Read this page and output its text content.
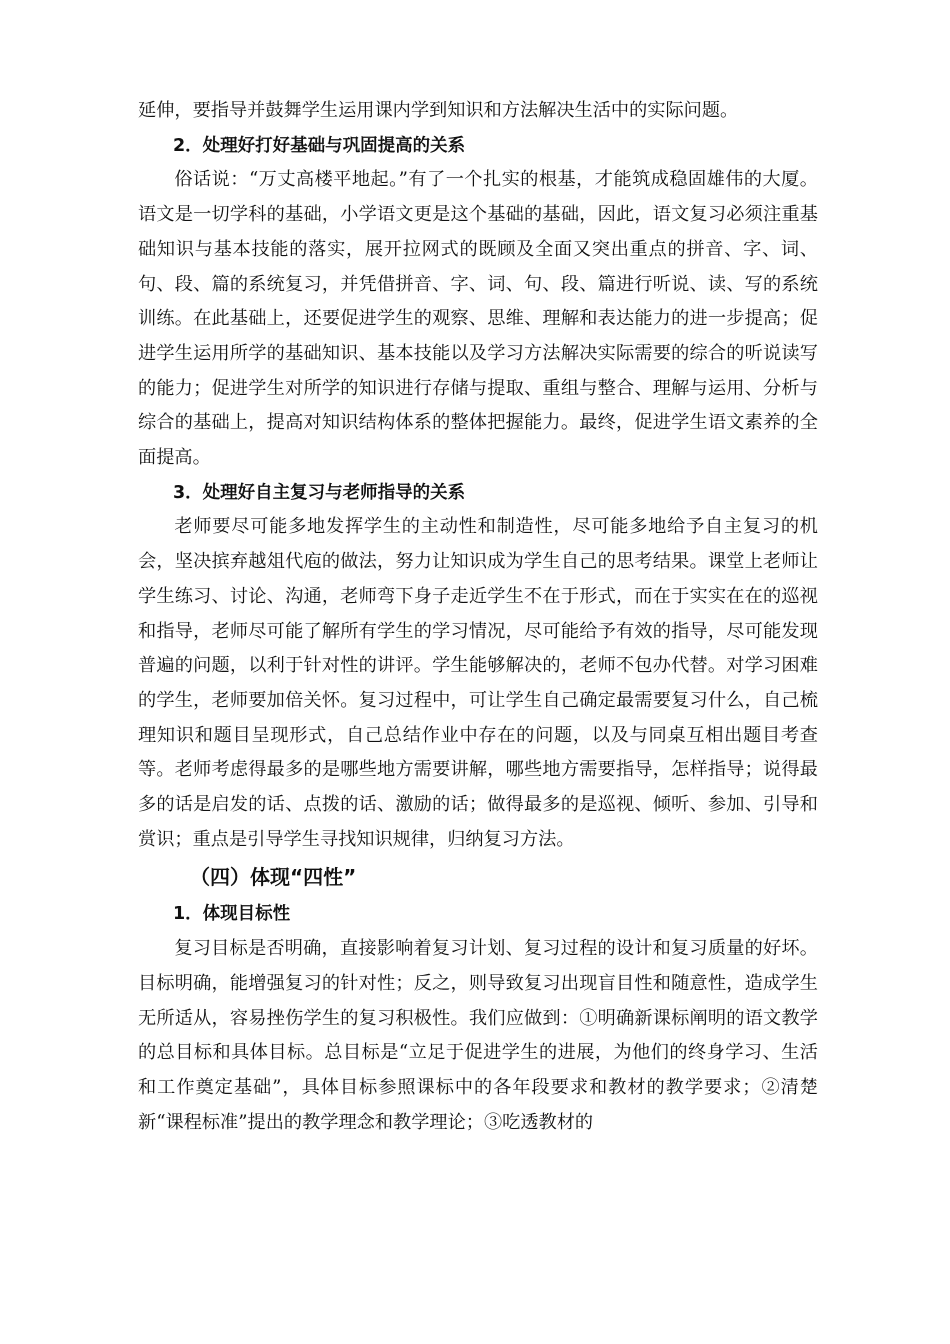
延伸，要指导并鼓舞学生运用课内学到知识和方法解决生活中的实际问题。

2．处理好打好基础与巩固提高的关系

俗话说：“万丈高楼平地起。”有了一个扎实的根基，才能筑成稳固雄伟的大厦。语文是一切学科的基础，小学语文更是这个基础的基础，因此，语文复习必须注重基础知识与基本技能的落实，展开拉网式的既顾及全面又突出重点的拼音、字、词、句、段、篇的系统复习，并凭借拼音、字、词、句、段、篇进行听说、读、写的系统训练。在此基础上，还要促进学生的观察、思维、理解和表达能力的进一步提高；促进学生运用所学的基础知识、基本技能以及学习方法解决实际需要的综合的听说读写的能力；促进学生对所学的知识进行存储与提取、重组与整合、理解与运用、分析与综合的基础上，提高对知识结构体系的整体把握能力。最终，促进学生语文素养的全面提高。

3．处理好自主复习与老师指导的关系

老师要尽可能多地发挥学生的主动性和制造性，尽可能多地给予自主复习的机会，坚决摈弃越俎代庖的做法，努力让知识成为学生自己的思考结果。课堂上老师让学生练习、讨论、沟通，老师弯下身子走近学生不在于形式，而在于实实在在的巡视和指导，老师尽可能了解所有学生的学习情况，尽可能给予有效的指导，尽可能发现普遍的问题，以利于针对性的讲评。学生能够解决的，老师不包办代替。对学习困难的学生，老师要加倍关怀。复习过程中，可让学生自己确定最需要复习什么，自己梳理知识和题目呈现形式，自己总结作业中存在的问题，以及与同桌互相出题目考查等。老师考虑得最多的是哪些地方需要讲解，哪些地方需要指导，怎样指导；说得最多的话是启发的话、点拨的话、激励的话；做得最多的是巡视、倾听、参加、引导和赏识；重点是引导学生寻找知识规律，归纳复习方法。

（四）体现“四性”

1．体现目标性

复习目标是否明确，直接影响着复习计划、复习过程的设计和复习质量的好坏。目标明确，能增强复习的针对性；反之，则导致复习出现盲目性和随意性，造成学生无所适从，容易挫伤学生的复习积极性。我们应做到：①明确新课标阐明的语文教学的总目标和具体目标。总目标是“立足于促进学生的进展，为他们的终身学习、生活和工作奠定基础”，具体目标参照课标中的各年段要求和教材的教学要求；②清楚新“课程标准”提出的教学理念和教学理论；③吃透教材的
